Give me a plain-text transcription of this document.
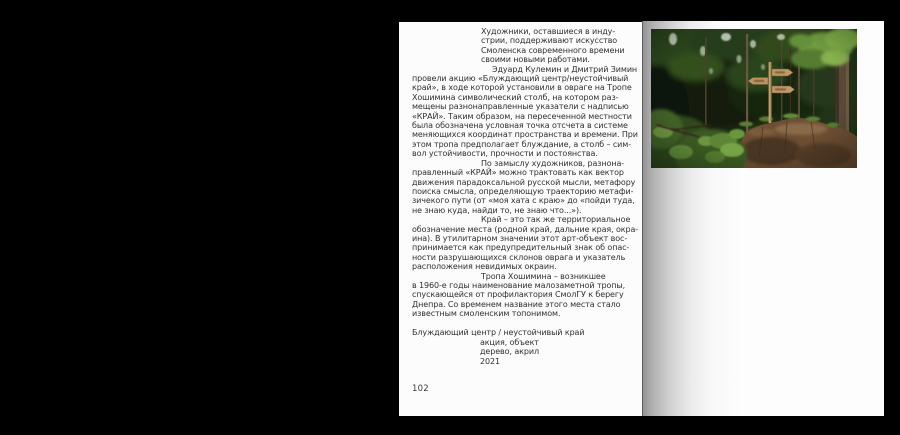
Художники, оставшиеся в инду-
стрии, поддерживают искусство
Смоленска современного времени
своими новыми работами.
Эдуард Кулемин и Дмитрий Зимин
провели акцию «Блуждающий центр/неустойчивый
край», в ходе которой установили в овраге на Тропе
Хошимина символический столб, на котором раз-
мещены разнонаправленные указатели с надписью
«КРАЙ». Таким образом, на пересеченной местности
была обозначена условная точка отсчета в системе
меняющихся координат пространства и времени. При
этом тропа предполагает блуждание, а столб – сим-
вол устойчивости, прочности и постоянства.
По замыслу художников, разнона-
правленный «КРАЙ» можно трактовать как вектор
движения парадоксальной русской мысли, метафору
поиска смысла, определяющую траекторию метафи-
зичекого пути (от «моя хата с краю» до «пойди туда,
не знаю куда, найди то, не знаю что...»).
Край – это так же территориальное
обозначение места (родной край, дальние края, окра-
ина). В утилитарном значении этот арт-объект вос-
принимается как предупредительный знак об опас-
ности разрушающихся склонов оврага и указатель
расположения невидимых окраин.
Тропа Хошимина – возникшее
в 1960-е годы наименование малозаметной тропы,
спускающейся от профилактория СмолГУ к берегу
Днепра. Со временем название этого места стало
известным смоленским топонимом.
Блуждающий центр / неустойчивый край
акция, объект
дерево, акрил
2021
102
